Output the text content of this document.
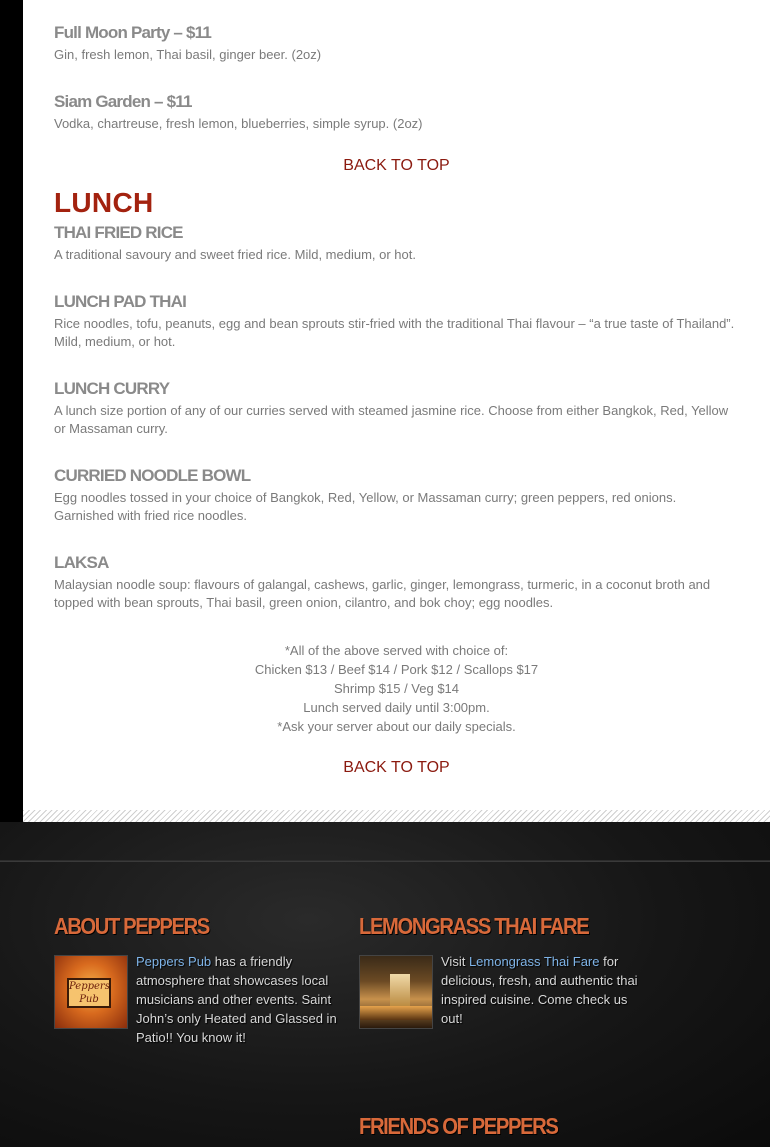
Full Moon Party – $11

Gin, fresh lemon, Thai basil, ginger beer. (2oz)

Siam Garden – $11

Vodka, chartreuse, fresh lemon, blueberries, simple syrup. (2oz)

BACK TO TOP
LUNCH
THAI FRIED RICE

A traditional savoury and sweet fried rice. Mild, medium, or hot.

LUNCH PAD THAI

Rice noodles, tofu, peanuts, egg and bean sprouts stir-fried with the traditional Thai flavour – “a true taste of Thailand”. Mild, medium, or hot.

LUNCH CURRY

A lunch size portion of any of our curries served with steamed jasmine rice. Choose from either Bangkok, Red, Yellow or Massaman curry.

CURRIED NOODLE BOWL

Egg noodles tossed in your choice of Bangkok, Red, Yellow, or Massaman curry; green peppers, red onions. Garnished with fried rice noodles.

LAKSA

Malaysian noodle soup: flavours of galangal, cashews, garlic, ginger, lemongrass, turmeric, in a coconut broth and topped with bean sprouts, Thai basil, green onion, cilantro, and bok choy; egg noodles.

*All of the above served with choice of:
Chicken $13 / Beef $14 / Pork $12 / Scallops $17
Shrimp $15 / Veg $14
Lunch served daily until 3:00pm.
*Ask your server about our daily specials.
BACK TO TOP
ABOUT PEPPERS
Peppers Pub
Peppers Pub has a friendly atmosphere that showcases local musicians and other events. Saint John’s only Heated and Glassed in Patio!! You know it!
LEMONGRASS THAI FARE
Visit Lemongrass Thai Fare for delicious, fresh, and authentic thai inspired cuisine. Come check us out!
FRIENDS OF PEPPERS
